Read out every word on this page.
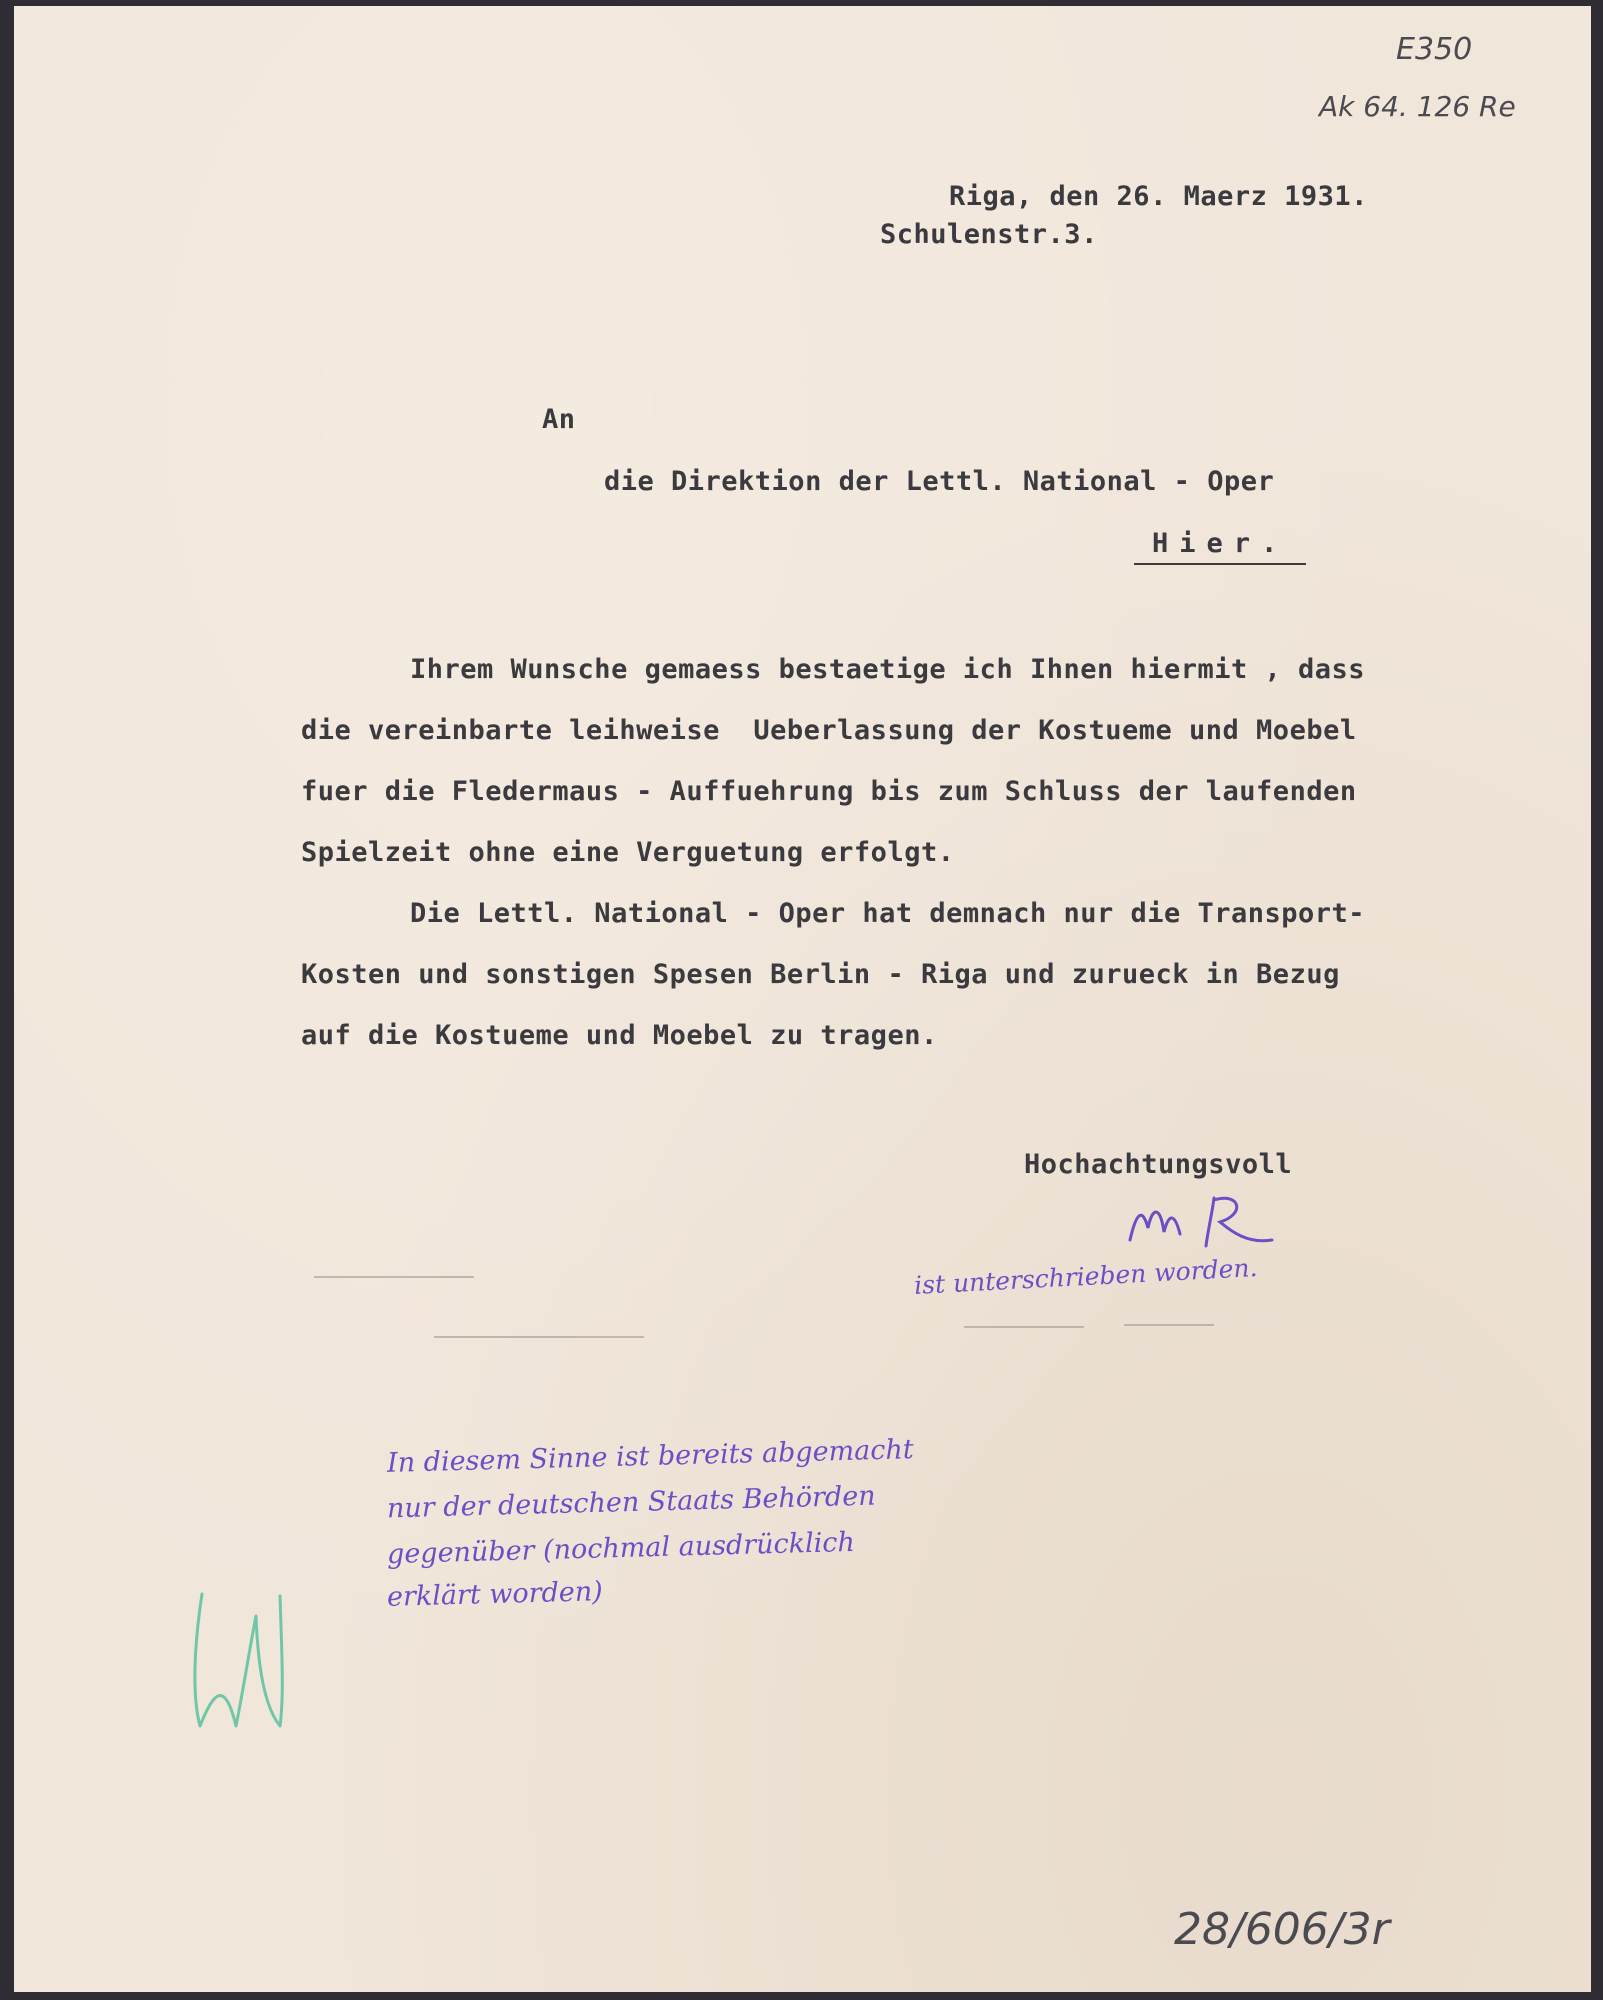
E350
Ak 64. 126 Re
Riga, den 26. Maerz 1931.
Schulenstr.3.
An
die Direktion der Lettl. National - Oper
Hier.
Ihrem Wunsche gemaess bestaetige ich Ihnen hiermit , dass
die vereinbarte leihweise  Ueberlassung der Kostueme und Moebel
fuer die Fledermaus - Auffuehrung bis zum Schluss der laufenden
Spielzeit ohne eine Verguetung erfolgt.
Die Lettl. National - Oper hat demnach nur die Transport-
Kosten und sonstigen Spesen Berlin - Riga und zurueck in Bezug
auf die Kostueme und Moebel zu tragen.
Hochachtungsvoll
ist unterschrieben worden.
In diesem Sinne ist bereits abgemacht
nur der deutschen Staats Behörden
gegenüber (nochmal ausdrücklich
erklärt worden)
28/606/3r
